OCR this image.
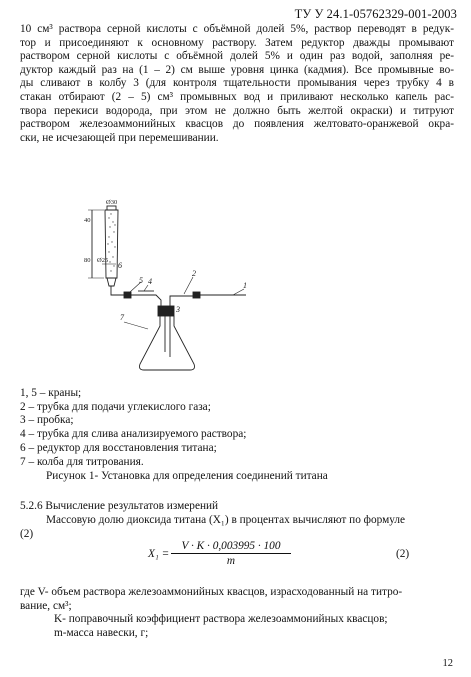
ТУ У 24.1-05762329-001-2003
10 см³ раствора серной кислоты с объёмной долей 5%, раствор переводят в редук-
тор и присоединяют к основному раствору. Затем редуктор дважды промывают
раствором серной кислоты с объёмной долей 5% и один раз водой, заполняя ре-
дуктор каждый раз на (1 – 2) см выше уровня цинка (кадмия). Все промывные во-
ды сливают в колбу 3 (для контроля тщательности промывания через трубку 4 в
стакан отбирают (2 – 5) см³ промывных вод и приливают несколько капель рас-
твора перекиси водорода, при этом не должно быть желтой окраски) и титруют
раствором железоаммонийных квасцов до появления желтовато-оранжевой окра-
ски, не исчезающей при перемешивании.
40
80 Ø25
Ø30
5 4
2
1
7
6
3
1, 5 – краны;
2 – трубка для подачи углекислого газа;
3 – пробка;
4 – трубка для слива анализируемого раствора;
6 – редуктор для восстановления титана;
7 – колба для титрования.
Рисунок 1- Установка для определения соединений титана
5.2.6 Вычисление результатов измерений
Массовую долю диоксида титана (X₁) в процентах вычисляют по формуле
(2)
$X_1 = \frac{V \cdot K \cdot 0,003995 \cdot 100}{m}$	(2)
где V- объем раствора железоаммонийных квасцов, израсходованный на титро-
вание, см³;
K- поправочный коэффициент раствора железоаммонийных квасцов;
m-масса навески, г;
12
